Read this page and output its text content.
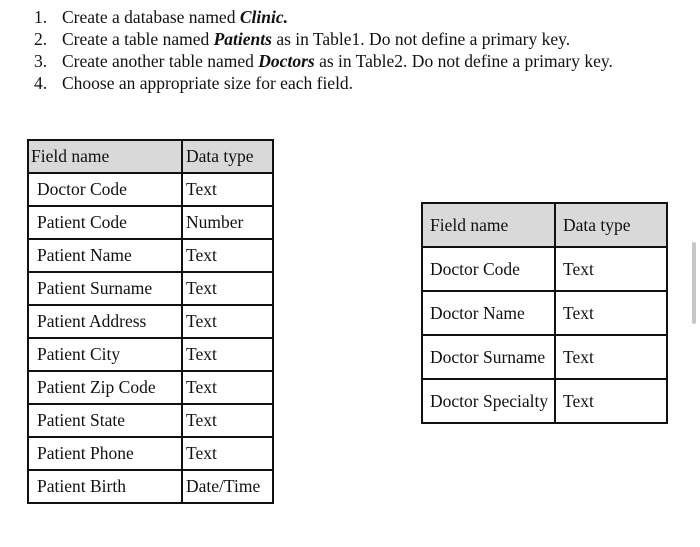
1. Create a database named Clinic.
2. Create a table named Patients as in Table1. Do not define a primary key.
3. Create another table named Doctors as in Table2. Do not define a primary key.
4. Choose an appropriate size for each field.
Field name	Data type
Doctor Code	Text
Patient Code	Number
Patient Name	Text
Patient Surname	Text
Patient Address	Text
Patient City	Text
Patient Zip Code	Text
Patient State	Text
Patient Phone	Text
Patient Birth	Date/Time
Field name	Data type
Doctor Code	Text
Doctor Name	Text
Doctor Surname	Text
Doctor Specialty	Text
